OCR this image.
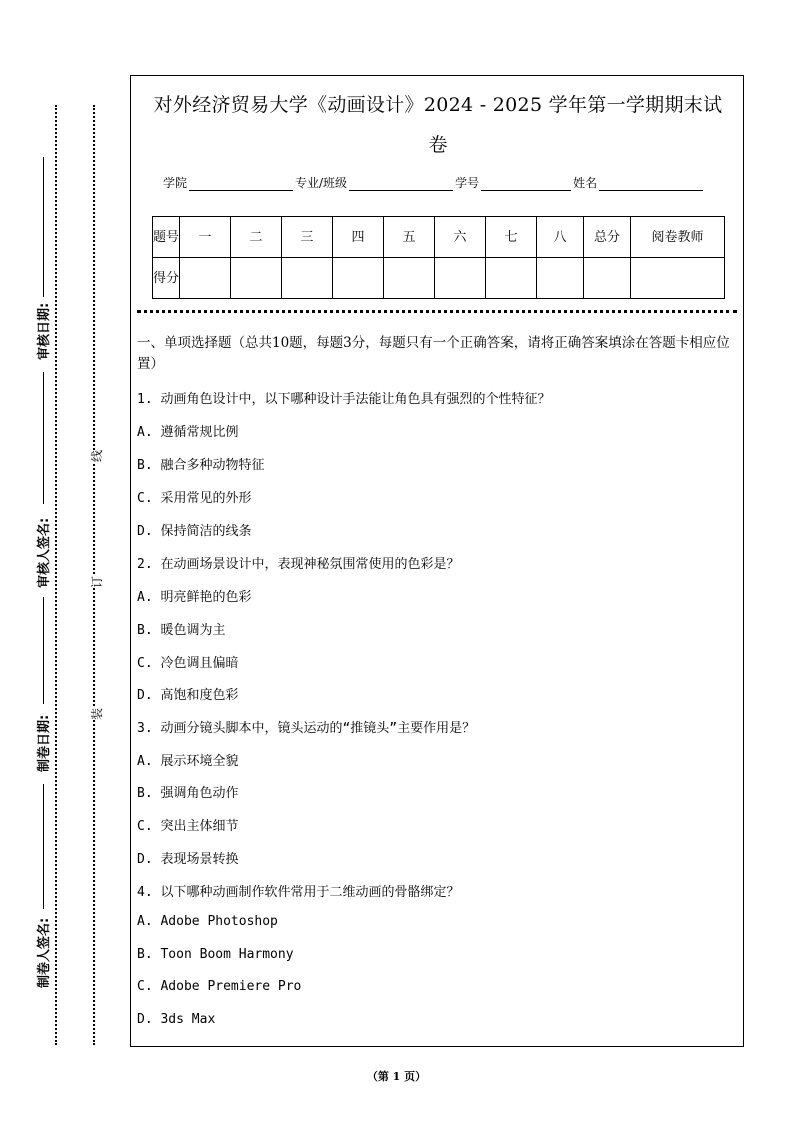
审核日期:
审核人签名:
制卷日期:
制卷人签名:
线
订
装
对外经济贸易大学《动画设计》2024 - 2025 学年第一学期期末试
卷
学院	专业/班级	学号	姓名
题号	一	二	三	四	五	六	七	八	总分	阅卷教师
得分										
一、单项选择题（总共10题，每题3分，每题只有一个正确答案，请将正确答案填涂在答题卡相应位置）
1. 动画角色设计中，以下哪种设计手法能让角色具有强烈的个性特征？
A. 遵循常规比例
B. 融合多种动物特征
C. 采用常见的外形
D. 保持简洁的线条
2. 在动画场景设计中，表现神秘氛围常使用的色彩是？
A. 明亮鲜艳的色彩
B. 暖色调为主
C. 冷色调且偏暗
D. 高饱和度色彩
3. 动画分镜头脚本中，镜头运动的“推镜头”主要作用是？
A. 展示环境全貌
B. 强调角色动作
C. 突出主体细节
D. 表现场景转换
4. 以下哪种动画制作软件常用于二维动画的骨骼绑定？
A. Adobe Photoshop
B. Toon Boom Harmony
C. Adobe Premiere Pro
D. 3ds Max
（第 1 页）
